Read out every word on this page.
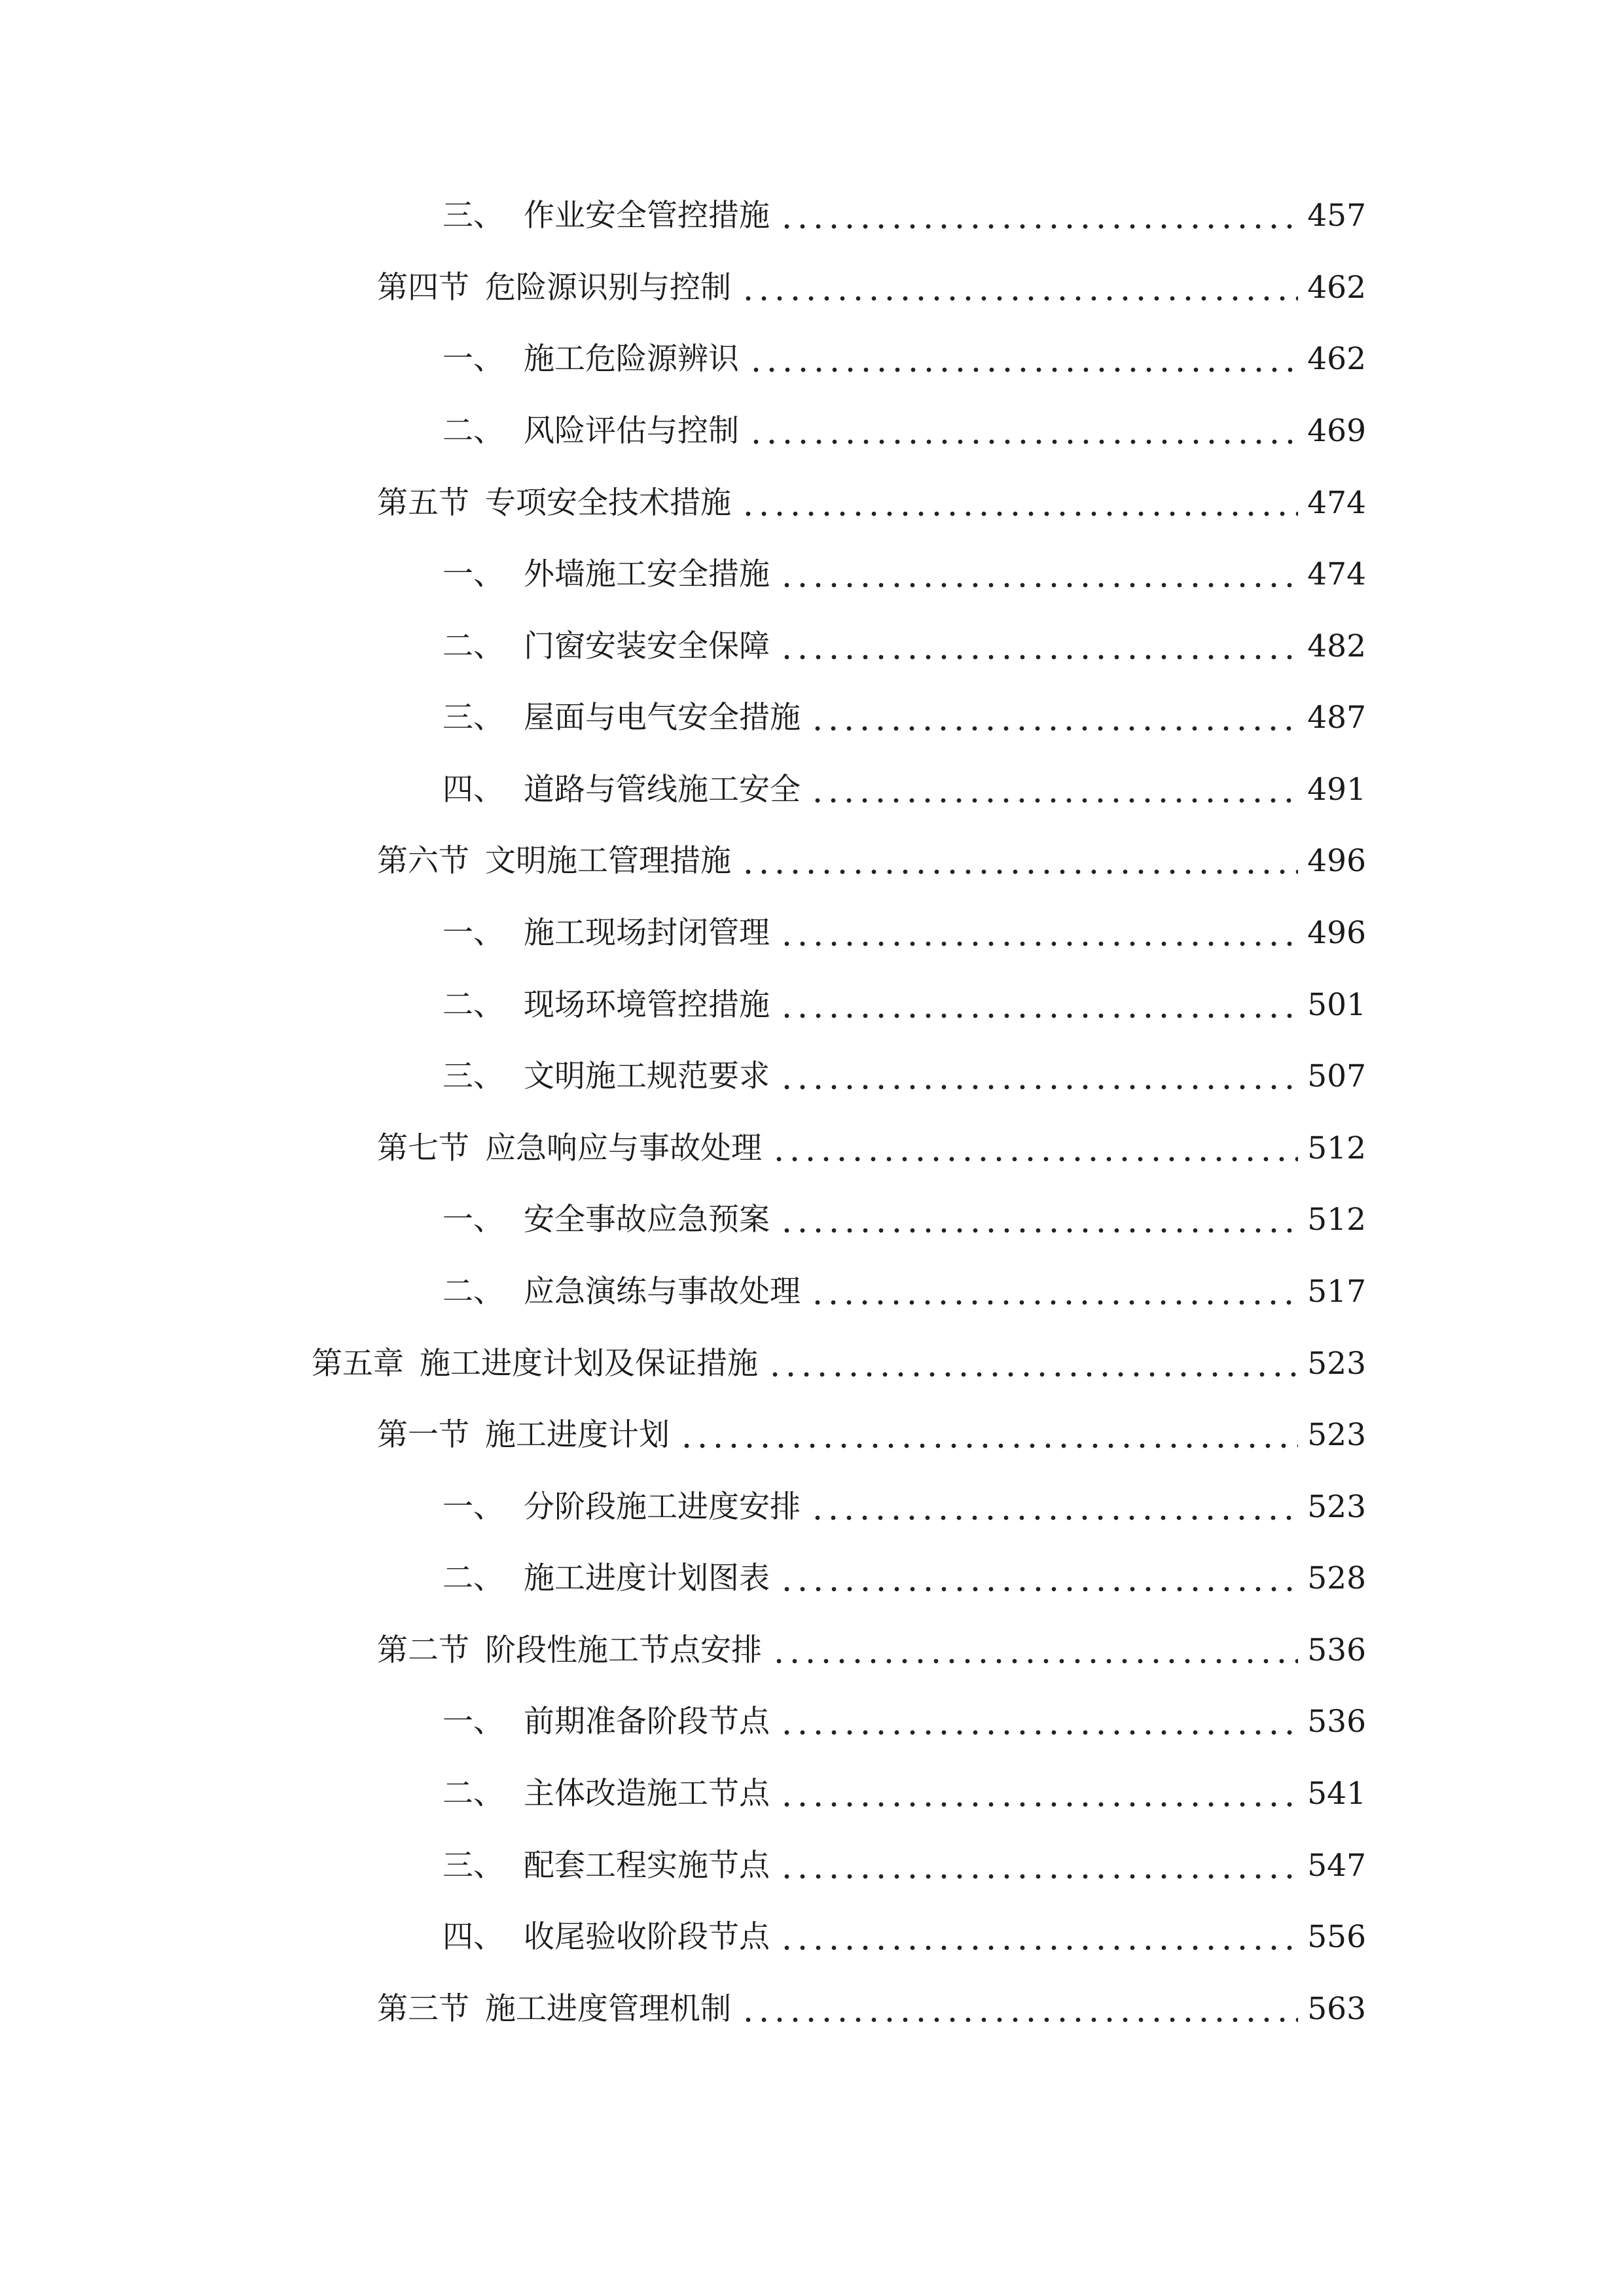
三、 作业安全管控措施	457
第四节 危险源识别与控制	462
一、 施工危险源辨识	462
二、 风险评估与控制	469
第五节 专项安全技术措施	474
一、 外墙施工安全措施	474
二、 门窗安装安全保障	482
三、 屋面与电气安全措施	487
四、 道路与管线施工安全	491
第六节 文明施工管理措施	496
一、 施工现场封闭管理	496
二、 现场环境管控措施	501
三、 文明施工规范要求	507
第七节 应急响应与事故处理	512
一、 安全事故应急预案	512
二、 应急演练与事故处理	517
第五章 施工进度计划及保证措施	523
第一节 施工进度计划	523
一、 分阶段施工进度安排	523
二、 施工进度计划图表	528
第二节 阶段性施工节点安排	536
一、 前期准备阶段节点	536
二、 主体改造施工节点	541
三、 配套工程实施节点	547
四、 收尾验收阶段节点	556
第三节 施工进度管理机制	563
